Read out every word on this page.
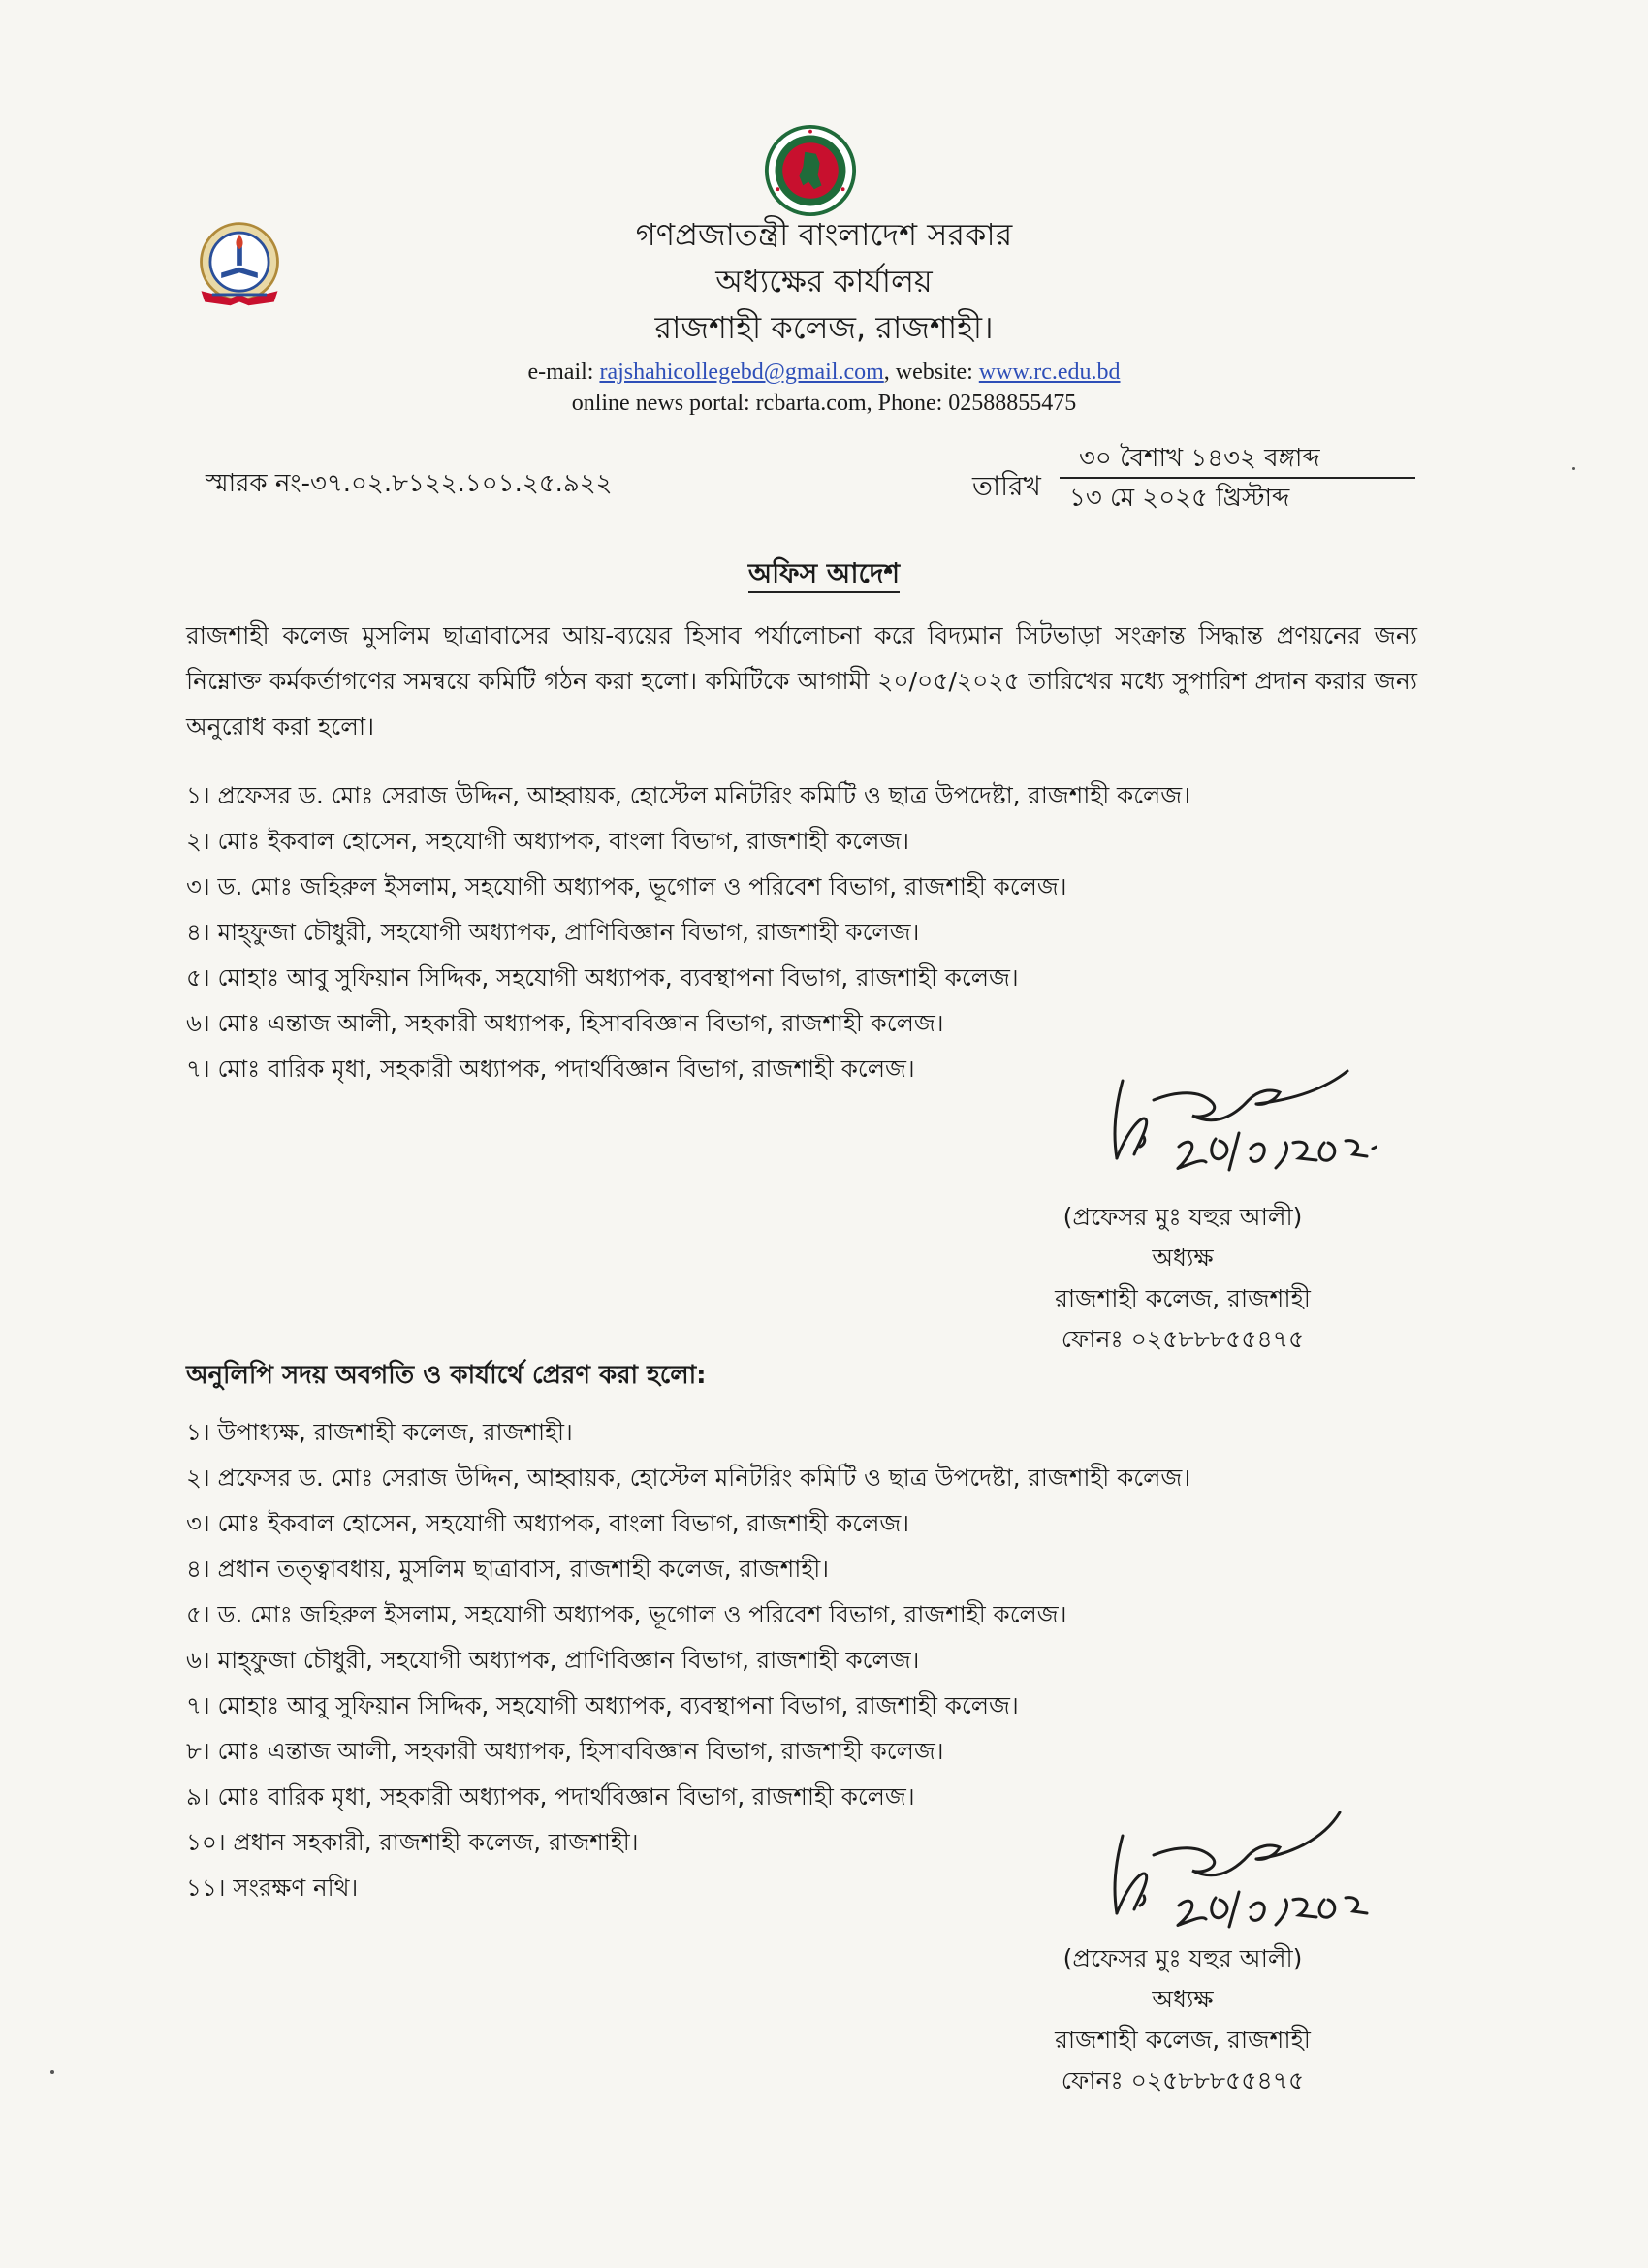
গণপ্রজাতন্ত্রী বাংলাদেশ সরকার
অধ্যক্ষের কার্যালয়
রাজশাহী কলেজ, রাজশাহী।
e-mail: rajshahicollegebd@gmail.com, website: www.rc.edu.bd
online news portal: rcbarta.com, Phone: 02588855475
স্মারক নং-৩৭.০২.৮১২২.১০১.২৫.৯২২	তারিখ
৩০ বৈশাখ ১৪৩২ বঙ্গাব্দ
১৩ মে ২০২৫ খ্রিস্টাব্দ
অফিস আদেশ
রাজশাহী কলেজ মুসলিম ছাত্রাবাসের আয়-ব্যয়ের হিসাব পর্যালোচনা করে বিদ্যমান সিটভাড়া সংক্রান্ত সিদ্ধান্ত প্রণয়নের জন্য নিম্নোক্ত কর্মকর্তাগণের সমন্বয়ে কমিটি গঠন করা হলো। কমিটিকে আগামী ২০/০৫/২০২৫ তারিখের মধ্যে সুপারিশ প্রদান করার জন্য অনুরোধ করা হলো।
১। প্রফেসর ড. মোঃ সেরাজ উদ্দিন, আহ্বায়ক, হোস্টেল মনিটরিং কমিটি ও ছাত্র উপদেষ্টা, রাজশাহী কলেজ।
২। মোঃ ইকবাল হোসেন, সহযোগী অধ্যাপক, বাংলা বিভাগ, রাজশাহী কলেজ।
৩। ড. মোঃ জহিরুল ইসলাম, সহযোগী অধ্যাপক, ভূগোল ও পরিবেশ বিভাগ, রাজশাহী কলেজ।
৪। মাহ্‌ফুজা চৌধুরী, সহযোগী অধ্যাপক, প্রাণিবিজ্ঞান বিভাগ, রাজশাহী কলেজ।
৫। মোহাঃ আবু সুফিয়ান সিদ্দিক, সহযোগী অধ্যাপক, ব্যবস্থাপনা বিভাগ, রাজশাহী কলেজ।
৬। মোঃ এন্তাজ আলী, সহকারী অধ্যাপক, হিসাববিজ্ঞান বিভাগ, রাজশাহী কলেজ।
৭। মোঃ বারিক মৃধা, সহকারী অধ্যাপক, পদার্থবিজ্ঞান বিভাগ, রাজশাহী কলেজ।
(প্রফেসর মুঃ যহুর আলী)
অধ্যক্ষ
রাজশাহী কলেজ, রাজশাহী
ফোনঃ ০২৫৮৮৮৫৫৪৭৫
অনুলিপি সদয় অবগতি ও কার্যার্থে প্রেরণ করা হলো:
১। উপাধ্যক্ষ, রাজশাহী কলেজ, রাজশাহী।
২। প্রফেসর ড. মোঃ সেরাজ উদ্দিন, আহ্বায়ক, হোস্টেল মনিটরিং কমিটি ও ছাত্র উপদেষ্টা, রাজশাহী কলেজ।
৩। মোঃ ইকবাল হোসেন, সহযোগী অধ্যাপক, বাংলা বিভাগ, রাজশাহী কলেজ।
৪। প্রধান তত্ত্বাবধায়, মুসলিম ছাত্রাবাস, রাজশাহী কলেজ, রাজশাহী।
৫। ড. মোঃ জহিরুল ইসলাম, সহযোগী অধ্যাপক, ভূগোল ও পরিবেশ বিভাগ, রাজশাহী কলেজ।
৬। মাহ্‌ফুজা চৌধুরী, সহযোগী অধ্যাপক, প্রাণিবিজ্ঞান বিভাগ, রাজশাহী কলেজ।
৭। মোহাঃ আবু সুফিয়ান সিদ্দিক, সহযোগী অধ্যাপক, ব্যবস্থাপনা বিভাগ, রাজশাহী কলেজ।
৮। মোঃ এন্তাজ আলী, সহকারী অধ্যাপক, হিসাববিজ্ঞান বিভাগ, রাজশাহী কলেজ।
৯। মোঃ বারিক মৃধা, সহকারী অধ্যাপক, পদার্থবিজ্ঞান বিভাগ, রাজশাহী কলেজ।
১০। প্রধান সহকারী, রাজশাহী কলেজ, রাজশাহী।
১১। সংরক্ষণ নথি।
(প্রফেসর মুঃ যহুর আলী)
অধ্যক্ষ
রাজশাহী কলেজ, রাজশাহী
ফোনঃ ০২৫৮৮৮৫৫৪৭৫
